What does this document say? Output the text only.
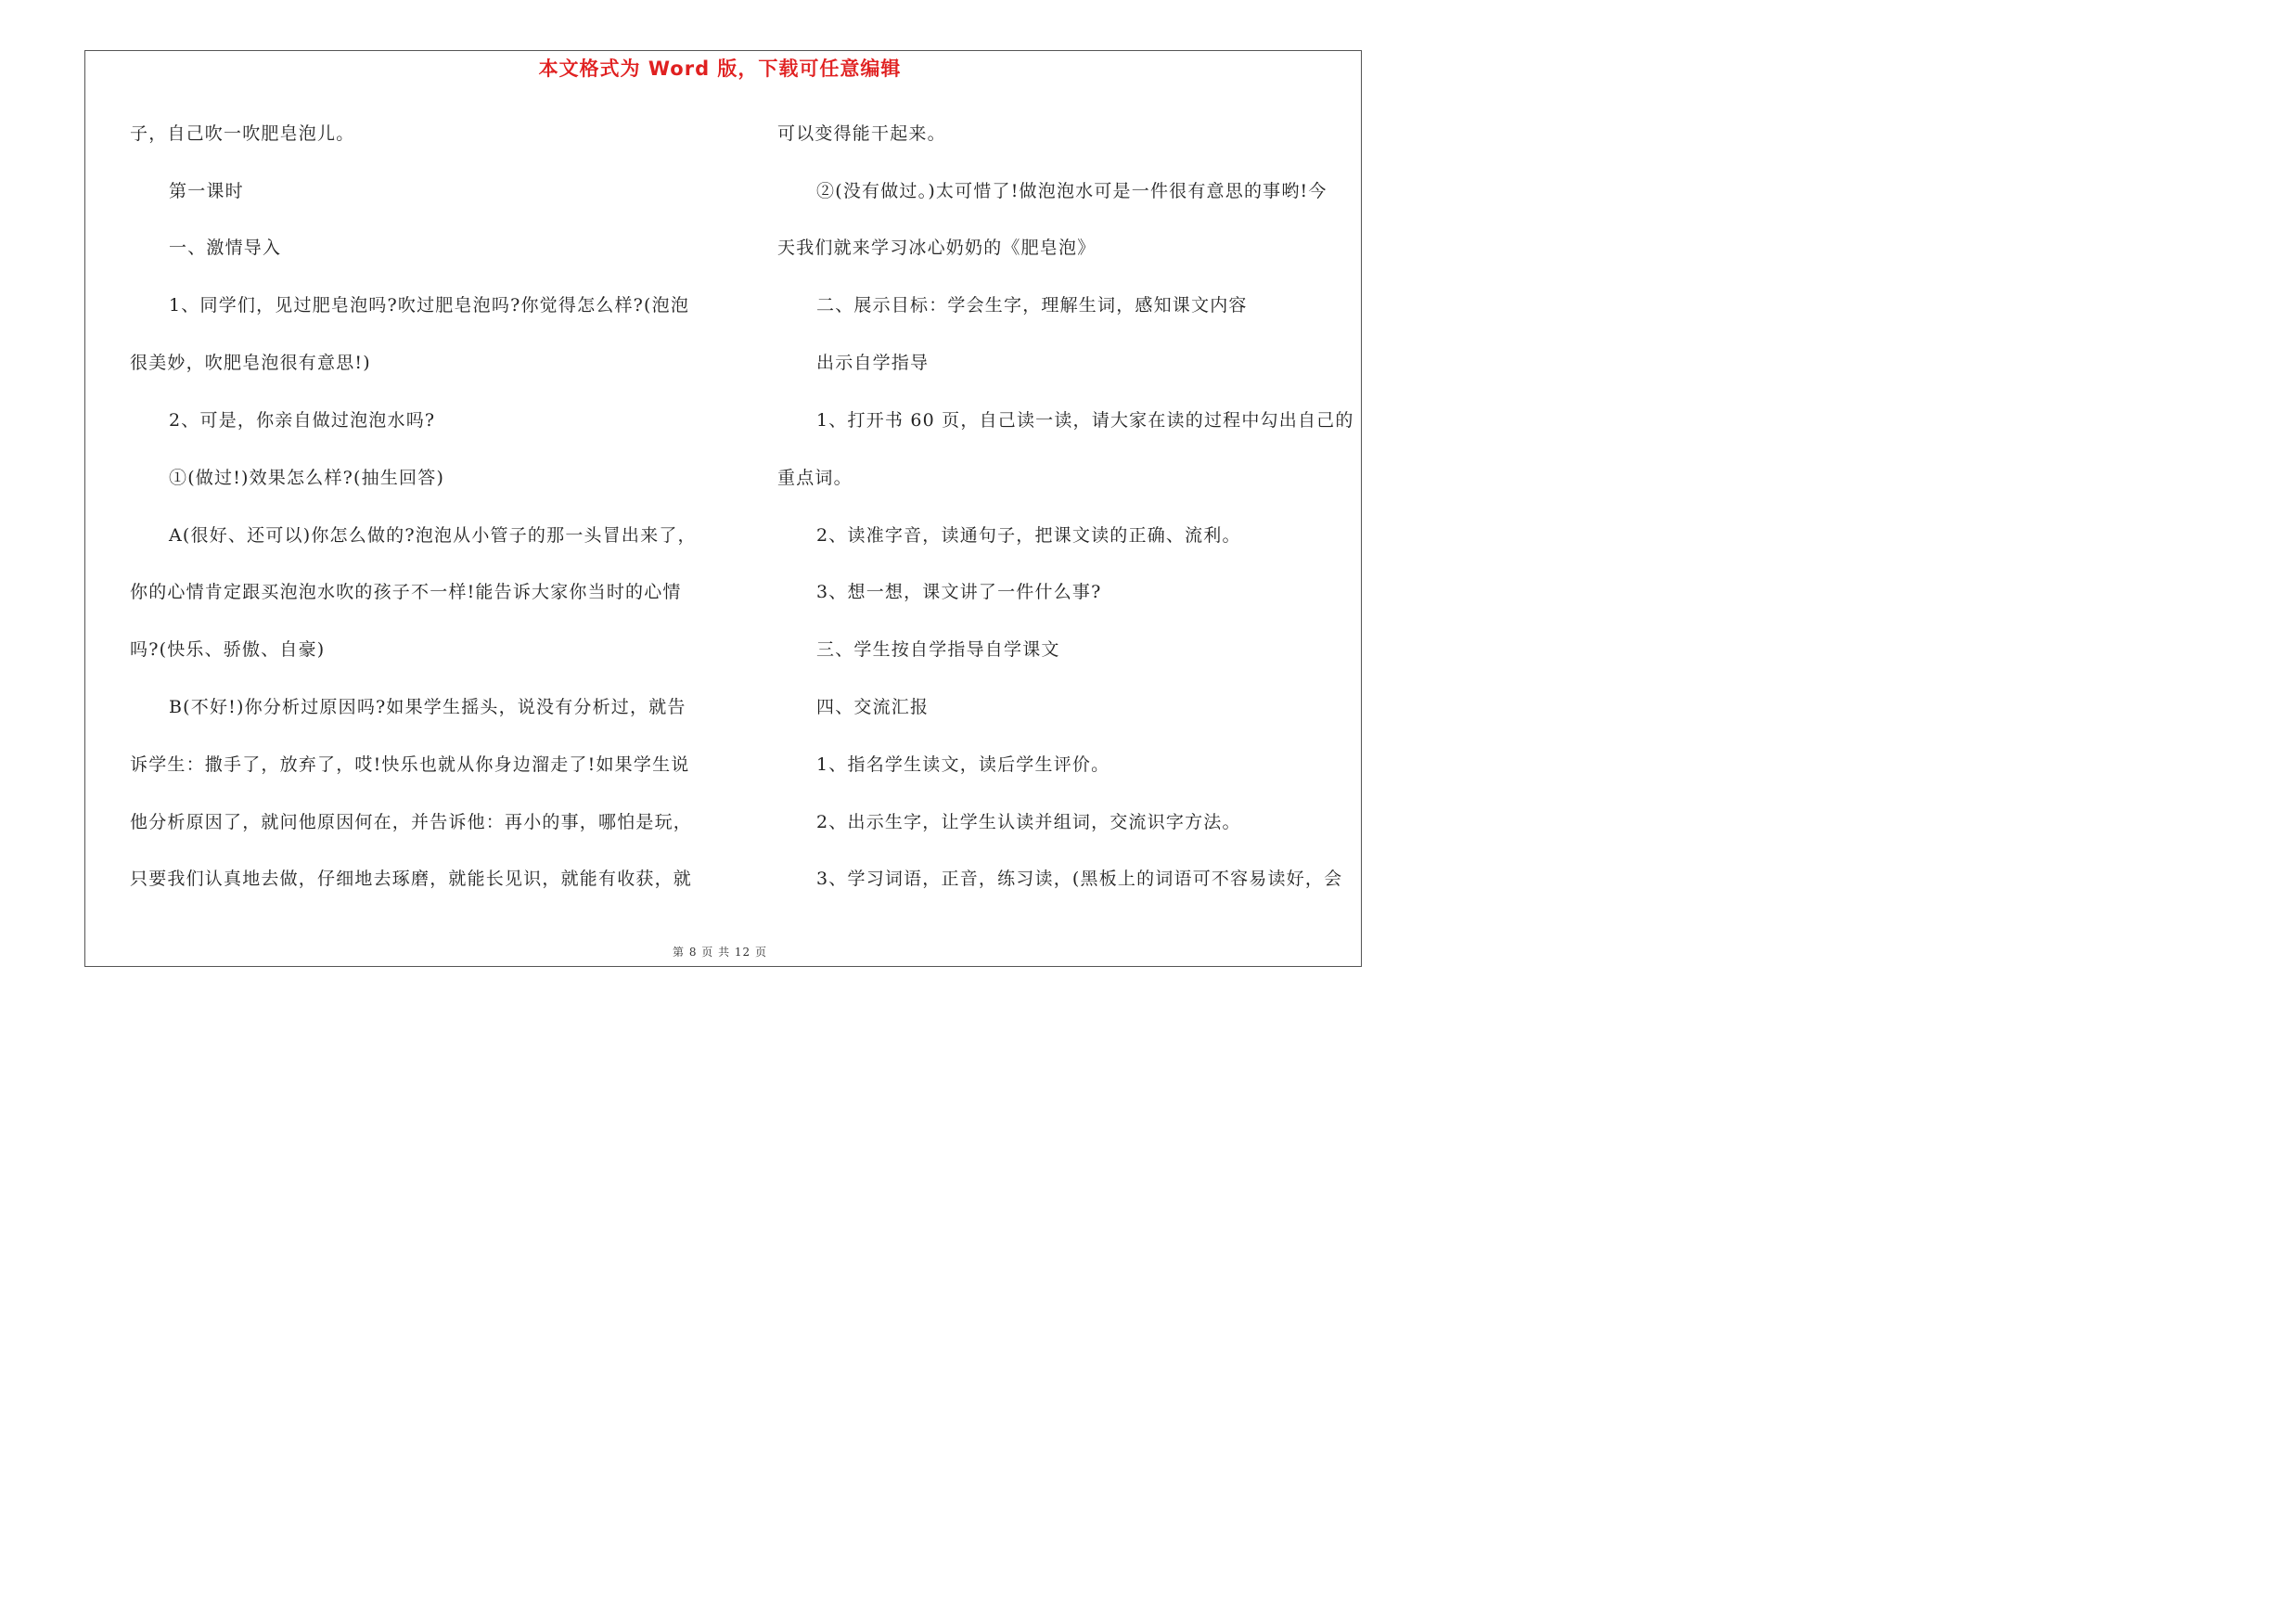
本文格式为 Word 版，下载可任意编辑
子，自己吹一吹肥皂泡儿。
第一课时
一、激情导入
1、同学们，见过肥皂泡吗?吹过肥皂泡吗?你觉得怎么样?(泡泡
很美妙，吹肥皂泡很有意思!)
2、可是，你亲自做过泡泡水吗?
①(做过!)效果怎么样?(抽生回答)
A(很好、还可以)你怎么做的?泡泡从小管子的那一头冒出来了，
你的心情肯定跟买泡泡水吹的孩子不一样!能告诉大家你当时的心情
吗?(快乐、骄傲、自豪)
B(不好!)你分析过原因吗?如果学生摇头，说没有分析过，就告
诉学生：撒手了，放弃了，哎!快乐也就从你身边溜走了!如果学生说
他分析原因了，就问他原因何在，并告诉他：再小的事，哪怕是玩，
只要我们认真地去做，仔细地去琢磨，就能长见识，就能有收获，就
可以变得能干起来。
②(没有做过。)太可惜了!做泡泡水可是一件很有意思的事哟!今
天我们就来学习冰心奶奶的《肥皂泡》
二、展示目标：学会生字，理解生词，感知课文内容
出示自学指导
1、打开书 60 页，自己读一读，请大家在读的过程中勾出自己的
重点词。
2、读准字音，读通句子，把课文读的正确、流利。
3、想一想，课文讲了一件什么事?
三、学生按自学指导自学课文
四、交流汇报
1、指名学生读文，读后学生评价。
2、出示生字，让学生认读并组词，交流识字方法。
3、学习词语，正音，练习读，(黑板上的词语可不容易读好，会
第 8 页 共 12 页
